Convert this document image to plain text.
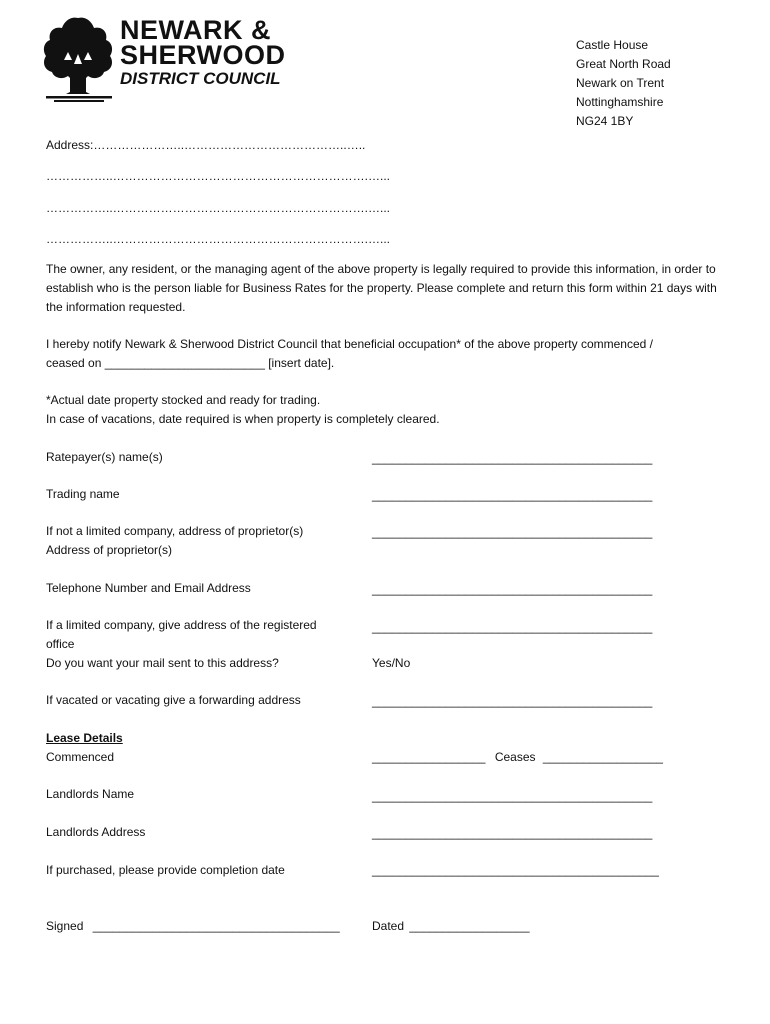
NEWARK &
SHERWOOD
DISTRICT COUNCIL
Castle House
Great North Road
Newark on Trent
Nottinghamshire
NG24 1BY
Address:…………………..…………………………………..…..
……………..……………………………………………………….…...
……………..……………………………………………………….…...
……………..……………………………………………………….…...
The owner, any resident, or the managing agent of the above property is legally required to provide this information, in order to establish who is the person liable for Business Rates for the property. Please complete and return this form within 21 days with the information requested.
I hereby notify Newark & Sherwood District Council that beneficial occupation* of the above property commenced /
ceased on ________________________ [insert date].
*Actual date property stocked and ready for trading.
In case of vacations, date required is when property is completely cleared.
Ratepayer(s) name(s)	__________________________________________
Trading name	__________________________________________
If not a limited company, address of proprietor(s)	__________________________________________
Address of proprietor(s)
Telephone Number and Email Address	__________________________________________
If a limited company, give address of the registered	__________________________________________
office
Do you want your mail sent to this address?	Yes/No
If vacated or vacating give a forwarding address	__________________________________________
Lease Details
Commenced	_________________ Ceases __________________
Landlords Name	__________________________________________
Landlords Address	__________________________________________
If purchased, please provide completion date	___________________________________________
Signed _____________________________________	Dated __________________
